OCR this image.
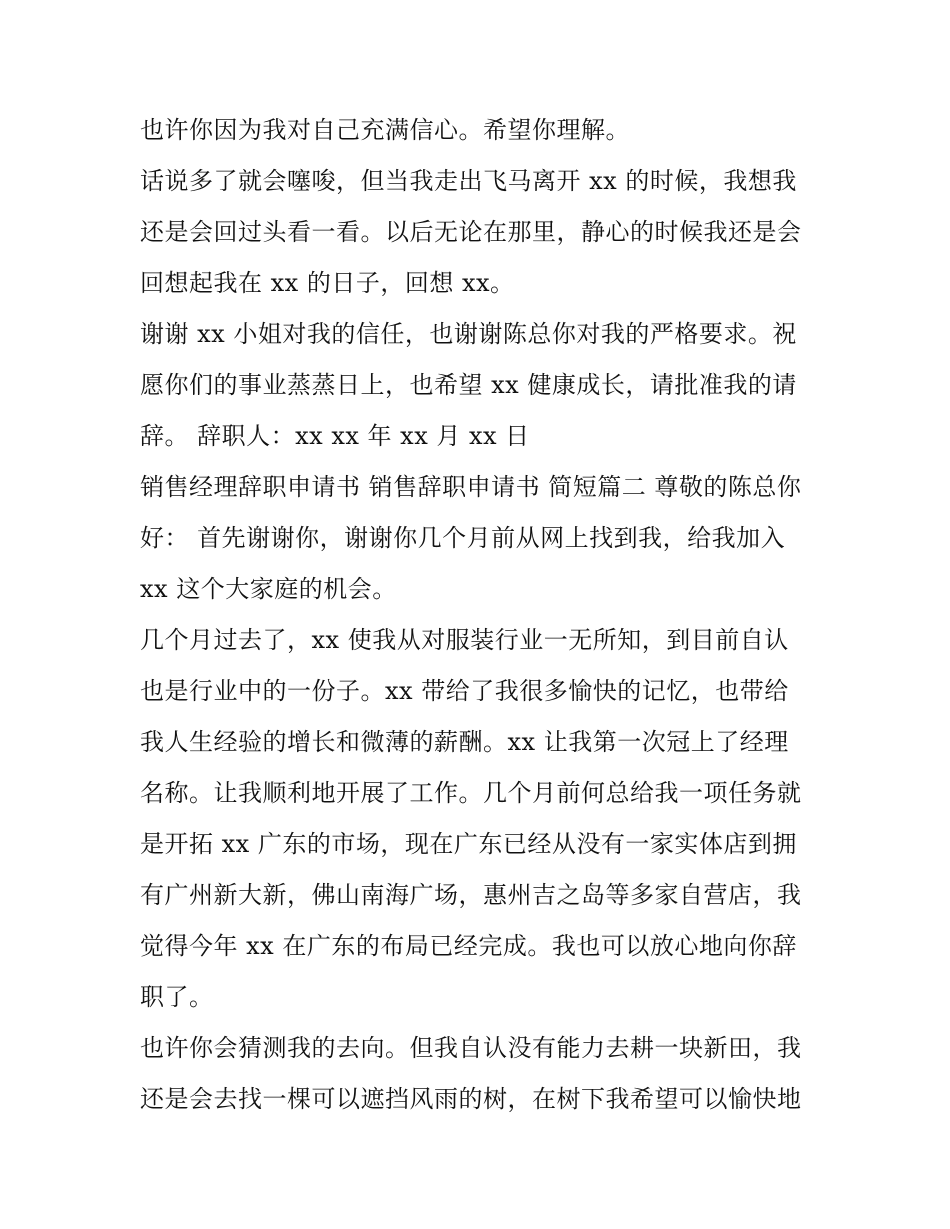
也许你因为我对自己充满信心。希望你理解。
话说多了就会噻唆，但当我走出飞马离开 xx 的时候，我想我
还是会回过头看一看。以后无论在那里，静心的时候我还是会
回想起我在 xx 的日子，回想 xx。
谢谢 xx 小姐对我的信任，也谢谢陈总你对我的严格要求。祝
愿你们的事业蒸蒸日上，也希望 xx 健康成长，请批准我的请
辞。 辞职人：xx xx 年 xx 月 xx 日
销售经理辞职申请书 销售辞职申请书 简短篇二 尊敬的陈总你
好： 首先谢谢你，谢谢你几个月前从网上找到我，给我加入
xx 这个大家庭的机会。
几个月过去了，xx 使我从对服装行业一无所知，到目前自认
也是行业中的一份子。xx 带给了我很多愉快的记忆，也带给
我人生经验的增长和微薄的薪酬。xx 让我第一次冠上了经理
名称。让我顺利地开展了工作。几个月前何总给我一项任务就
是开拓 xx 广东的市场，现在广东已经从没有一家实体店到拥
有广州新大新，佛山南海广场，惠州吉之岛等多家自营店，我
觉得今年 xx 在广东的布局已经完成。我也可以放心地向你辞
职了。
也许你会猜测我的去向。但我自认没有能力去耕一块新田，我
还是会去找一棵可以遮挡风雨的树，在树下我希望可以愉快地
